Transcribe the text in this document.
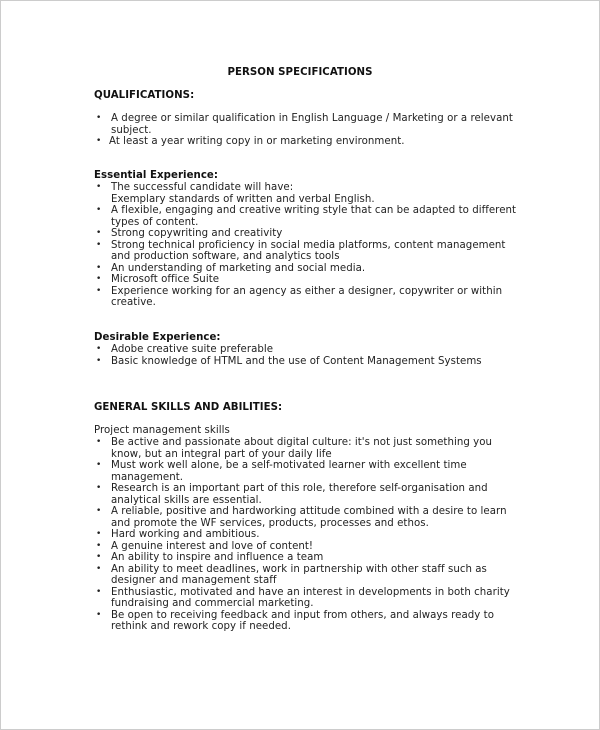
PERSON SPECIFICATIONS
QUALIFICATIONS:
• A degree or similar qualification in English Language / Marketing or a relevant subject.
• At least a year writing copy in or marketing environment.
Essential Experience:
• The successful candidate will have:
Exemplary standards of written and verbal English.
• A flexible, engaging and creative writing style that can be adapted to different types of content.
• Strong copywriting and creativity
• Strong technical proficiency in social media platforms, content management and production software, and analytics tools
• An understanding of marketing and social media.
• Microsoft office Suite
• Experience working for an agency as either a designer, copywriter or within creative.
Desirable Experience:
• Adobe creative suite preferable
• Basic knowledge of HTML and the use of Content Management Systems
GENERAL SKILLS AND ABILITIES:
Project management skills
• Be active and passionate about digital culture: it's not just something you know, but an integral part of your daily life
• Must work well alone, be a self-motivated learner with excellent time management.
• Research is an important part of this role, therefore self-organisation and analytical skills are essential.
• A reliable, positive and hardworking attitude combined with a desire to learn and promote the WF services, products, processes and ethos.
• Hard working and ambitious.
• A genuine interest and love of content!
• An ability to inspire and influence a team
• An ability to meet deadlines, work in partnership with other staff such as designer and management staff
• Enthusiastic, motivated and have an interest in developments in both charity fundraising and commercial marketing.
• Be open to receiving feedback and input from others, and always ready to rethink and rework copy if needed.
